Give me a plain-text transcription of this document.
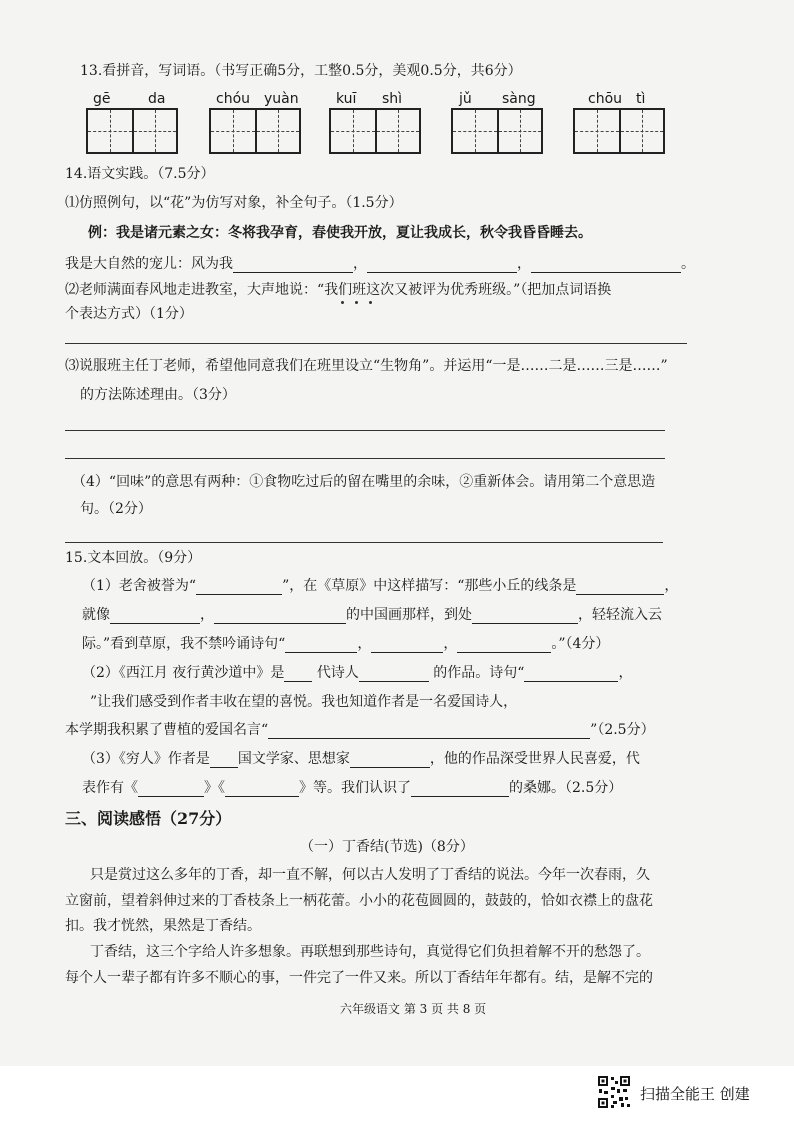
13.看拼音，写词语。（书写正确5分，工整0.5分，美观0.5分，共6分）
gē	da	chóu yuàn	kuī shì	jǔ sàng	chōu tì
14.语文实践。（7.5分）
⑴仿照例句，以“花”为仿写对象，补全句子。（1.5分）
例：我是诸元素之女：冬将我孕育，春使我开放，夏让我成长，秋令我昏昏睡去。
我是大自然的宠儿：风为我	，	，	。
⑵老师满面春风地走进教室，大声地说：“我们班这次又被评为优秀班级。”（把加点词语换
个表达方式）（1分）
⑶说服班主任丁老师，希望他同意我们在班里设立“生物角”。并运用“一是……二是……三是……”
的方法陈述理由。（3分）
（4）“回味”的意思有两种：①食物吃过后的留在嘴里的余味，②重新体会。请用第二个意思造
句。（2分）
15.文本回放。（9分）
（1）老舍被誉为“	”，在《草原》中这样描写：“那些小丘的线条是	，
就像	，	的中国画那样，到处	，轻轻流入云
际。”看到草原，我不禁吟诵诗句“	，	，	。”（4分）
（2）《西江月 夜行黄沙道中》是 代诗人	的作品。诗句“	，
”让我们感受到作者丰收在望的喜悦。我也知道作者是一名爱国诗人，
本学期我积累了曹植的爱国名言“	”（2.5分）
（3）《穷人》作者是 国文学家、思想家	，他的作品深受世界人民喜爱，代
表作有《	》《	》等。我们认识了	的桑娜。（2.5分）
三、阅读感悟（27分）
（一）丁香结(节选)（8分）
只是赏过这么多年的丁香，却一直不解，何以古人发明了丁香结的说法。今年一次春雨，久
立窗前，望着斜伸过来的丁香枝条上一柄花蕾。小小的花苞圆圆的，鼓鼓的，恰如衣襟上的盘花
扣。我才恍然，果然是丁香结。
丁香结，这三个字给人许多想象。再联想到那些诗句，真觉得它们负担着解不开的愁怨了。
每个人一辈子都有许多不顺心的事，一件完了一件又来。所以丁香结年年都有。结，是解不完的
六年级语文 第 3 页 共 8 页
扫描全能王 创建
